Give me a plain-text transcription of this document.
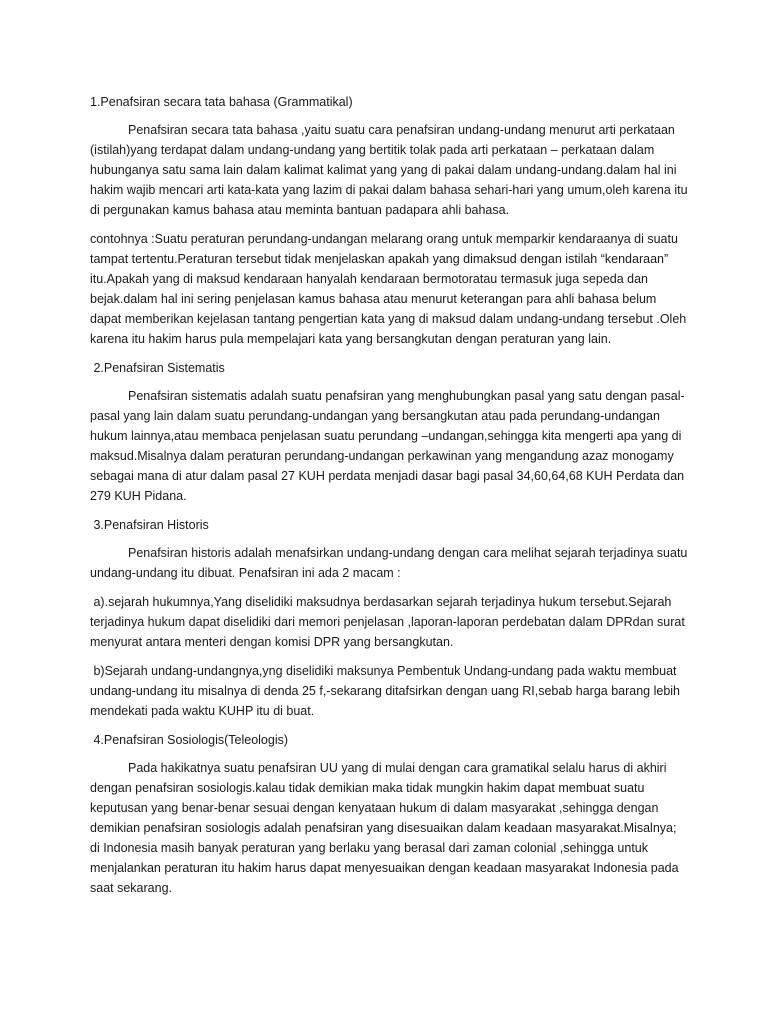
1.Penafsiran secara tata bahasa (Grammatikal)

Penafsiran secara tata bahasa ,yaitu suatu cara penafsiran undang-undang menurut arti perkataan (istilah)yang terdapat dalam undang-undang yang bertitik tolak pada arti perkataan – perkataan dalam hubunganya satu sama lain dalam kalimat kalimat yang yang di pakai dalam undang-undang.dalam hal ini hakim wajib mencari arti kata-kata yang lazim di pakai dalam bahasa sehari-hari yang umum,oleh karena itu di pergunakan kamus bahasa atau meminta bantuan padapara ahli bahasa.

contohnya :Suatu peraturan perundang-undangan melarang orang untuk memparkir kendaraanya di suatu tampat tertentu.Peraturan tersebut tidak menjelaskan apakah yang dimaksud dengan istilah “kendaraan” itu.Apakah yang di maksud kendaraan hanyalah kendaraan bermotoratau termasuk juga sepeda dan bejak.dalam hal ini sering penjelasan kamus bahasa atau menurut keterangan para ahli bahasa belum dapat memberikan kejelasan tantang pengertian kata yang di maksud dalam undang-undang tersebut .Oleh karena itu hakim harus pula mempelajari kata yang bersangkutan dengan peraturan yang lain.

2.Penafsiran Sistematis

Penafsiran sistematis adalah suatu penafsiran yang menghubungkan pasal yang satu dengan pasal-pasal yang lain dalam suatu perundang-undangan yang bersangkutan atau pada perundang-undangan hukum lainnya,atau membaca penjelasan suatu perundang –undangan,sehingga kita mengerti apa yang di maksud.Misalnya dalam peraturan perundang-undangan perkawinan yang mengandung azaz monogamy sebagai mana di atur dalam pasal 27 KUH perdata menjadi dasar bagi pasal 34,60,64,68 KUH Perdata dan 279 KUH Pidana.

3.Penafsiran Historis

Penafsiran historis adalah menafsirkan undang-undang dengan cara melihat sejarah terjadinya suatu undang-undang itu dibuat. Penafsiran ini ada 2 macam :

a).sejarah hukumnya,Yang diselidiki maksudnya berdasarkan sejarah terjadinya hukum tersebut.Sejarah terjadinya hukum dapat diselidiki dari memori penjelasan ,laporan-laporan perdebatan dalam DPRdan surat menyurat antara menteri dengan komisi DPR yang bersangkutan.

b)Sejarah undang-undangnya,yng diselidiki maksunya Pembentuk Undang-undang pada waktu membuat undang-undang itu misalnya di denda 25 f,-sekarang ditafsirkan dengan uang RI,sebab harga barang lebih mendekati pada waktu KUHP itu di buat.

4.Penafsiran Sosiologis(Teleologis)

Pada hakikatnya suatu penafsiran UU yang di mulai dengan cara gramatikal selalu harus di akhiri dengan penafsiran sosiologis.kalau tidak demikian maka tidak mungkin hakim dapat membuat suatu keputusan yang benar-benar sesuai dengan kenyataan hukum di dalam masyarakat ,sehingga dengan demikian penafsiran sosiologis adalah penafsiran yang disesuaikan dalam keadaan masyarakat.Misalnya; di Indonesia masih banyak peraturan yang berlaku yang berasal dari zaman colonial ,sehingga untuk menjalankan peraturan itu hakim harus dapat menyesuaikan dengan keadaan masyarakat Indonesia pada saat sekarang.
